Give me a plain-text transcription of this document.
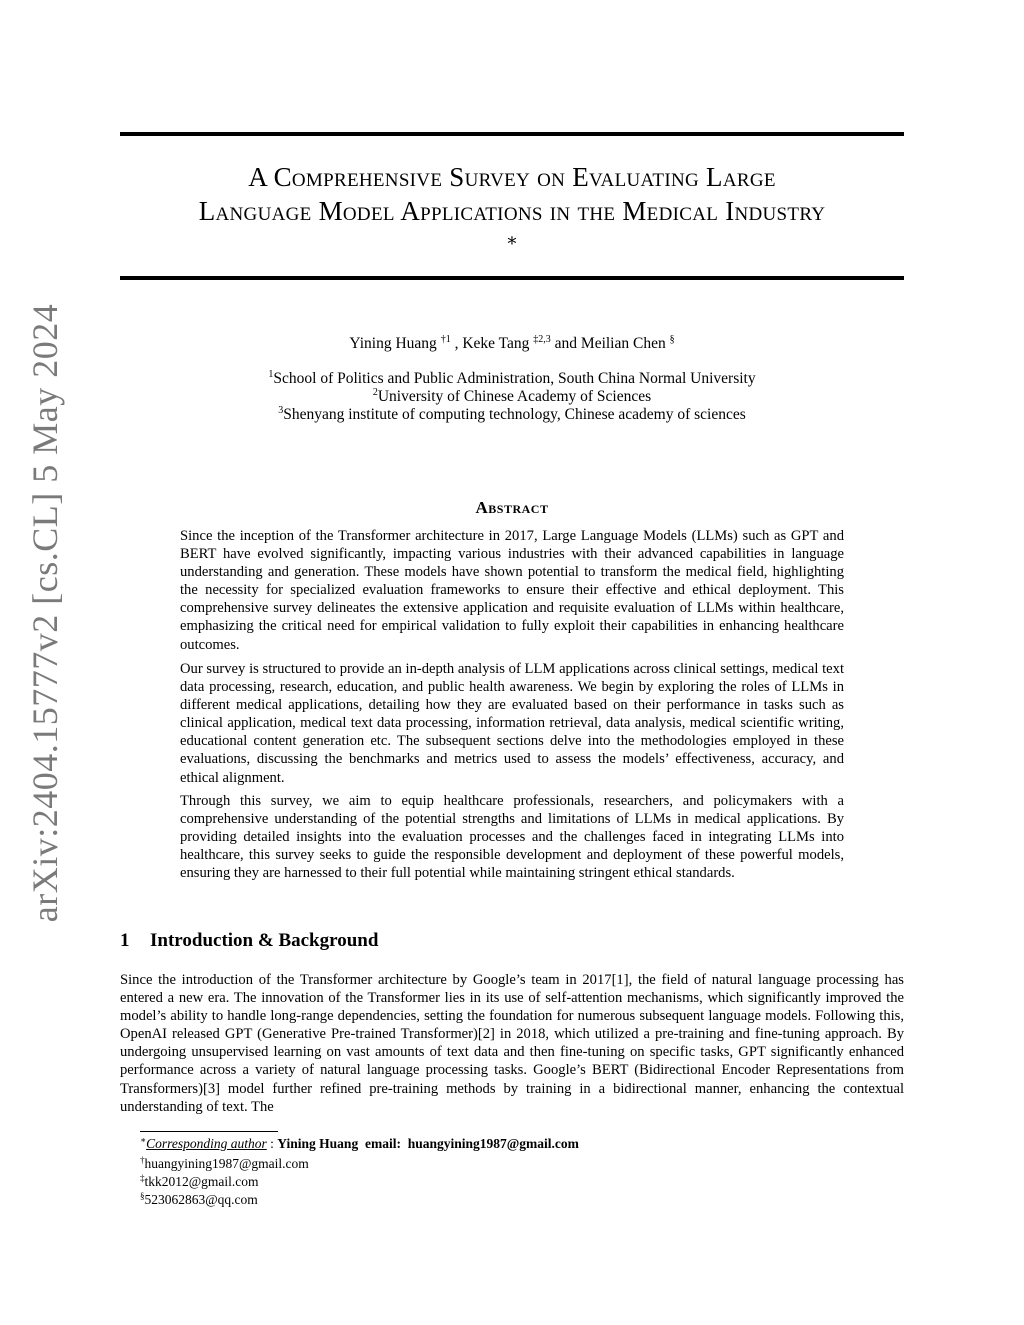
A Comprehensive Survey on Evaluating Large
Language Model Applications in the Medical Industry
∗
Yining Huang $^{\dagger 1}$ , Keke Tang $^{\ddagger 2,3}$ and Meilian Chen §
$^1$School of Politics and Public Administration, South China Normal University
$^2$University of Chinese Academy of Sciences
$^3$Shenyang institute of computing technology, Chinese academy of sciences
Abstract

Since the inception of the Transformer architecture in 2017, Large Language Models (LLMs) such as GPT and BERT have evolved significantly, impacting various industries with their advanced capabilities in language understanding and generation. These models have shown potential to transform the medical field, highlighting the necessity for specialized evaluation frameworks to ensure their effective and ethical deployment. This comprehensive survey delineates the extensive application and requisite evaluation of LLMs within healthcare, emphasizing the critical need for empirical validation to fully exploit their capabilities in enhancing healthcare outcomes.

Our survey is structured to provide an in-depth analysis of LLM applications across clinical settings, medical text data processing, research, education, and public health awareness. We begin by exploring the roles of LLMs in different medical applications, detailing how they are evaluated based on their performance in tasks such as clinical application, medical text data processing, information retrieval, data analysis, medical scientific writing, educational content generation etc. The subsequent sections delve into the methodologies employed in these evaluations, discussing the benchmarks and metrics used to assess the models’ effectiveness, accuracy, and ethical alignment.

Through this survey, we aim to equip healthcare professionals, researchers, and policymakers with a comprehensive understanding of the potential strengths and limitations of LLMs in medical applications. By providing detailed insights into the evaluation processes and the challenges faced in integrating LLMs into healthcare, this survey seeks to guide the responsible development and deployment of these powerful models, ensuring they are harnessed to their full potential while maintaining stringent ethical standards.

1 Introduction & Background

Since the introduction of the Transformer architecture by Google’s team in 2017[1], the field of natural language processing has entered a new era. The innovation of the Transformer lies in its use of self-attention mechanisms, which significantly improved the model’s ability to handle long-range dependencies, setting the foundation for numerous subsequent language models. Following this, OpenAI released GPT (Generative Pre-trained Transformer)[2] in 2018, which utilized a pre-training and fine-tuning approach. By undergoing unsupervised learning on vast amounts of text data and then fine-tuning on specific tasks, GPT significantly enhanced performance across a variety of natural language processing tasks. Google’s BERT (Bidirectional Encoder Representations from Transformers)[3] model further refined pre-training methods by training in a bidirectional manner, enhancing the contextual understanding of text. The

∗Corresponding author : Yining Huang email: huangyining1987@gmail.com
†huangyining1987@gmail.com
‡tkk2012@gmail.com
§523062863@qq.com
arXiv:2404.15777v2 [cs.CL] 5 May 2024
